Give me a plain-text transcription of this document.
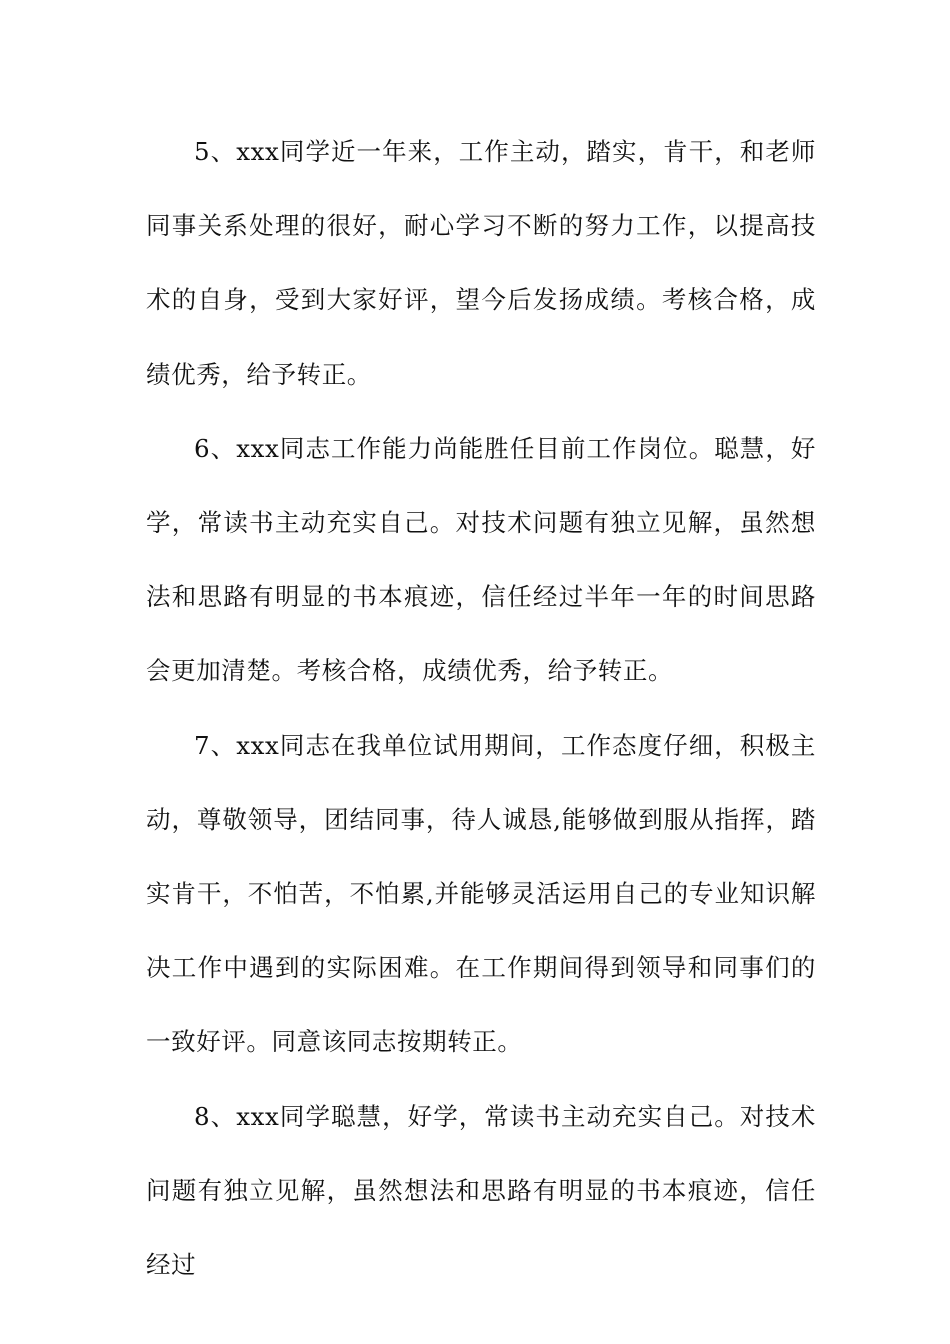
5、xxx同学近一年来，工作主动，踏实，肯干，和老师同事关系处理的很好，耐心学习不断的努力工作，以提高技术的自身，受到大家好评，望今后发扬成绩。考核合格，成绩优秀，给予转正。

6、xxx同志工作能力尚能胜任目前工作岗位。聪慧，好学，常读书主动充实自己。对技术问题有独立见解，虽然想法和思路有明显的书本痕迹，信任经过半年一年的时间思路会更加清楚。考核合格，成绩优秀，给予转正。

7、xxx同志在我单位试用期间，工作态度仔细，积极主动，尊敬领导，团结同事，待人诚恳,能够做到服从指挥，踏实肯干，不怕苦，不怕累,并能够灵活运用自己的专业知识解决工作中遇到的实际困难。在工作期间得到领导和同事们的一致好评。同意该同志按期转正。

8、xxx同学聪慧，好学，常读书主动充实自己。对技术问题有独立见解，虽然想法和思路有明显的书本痕迹，信任经过
